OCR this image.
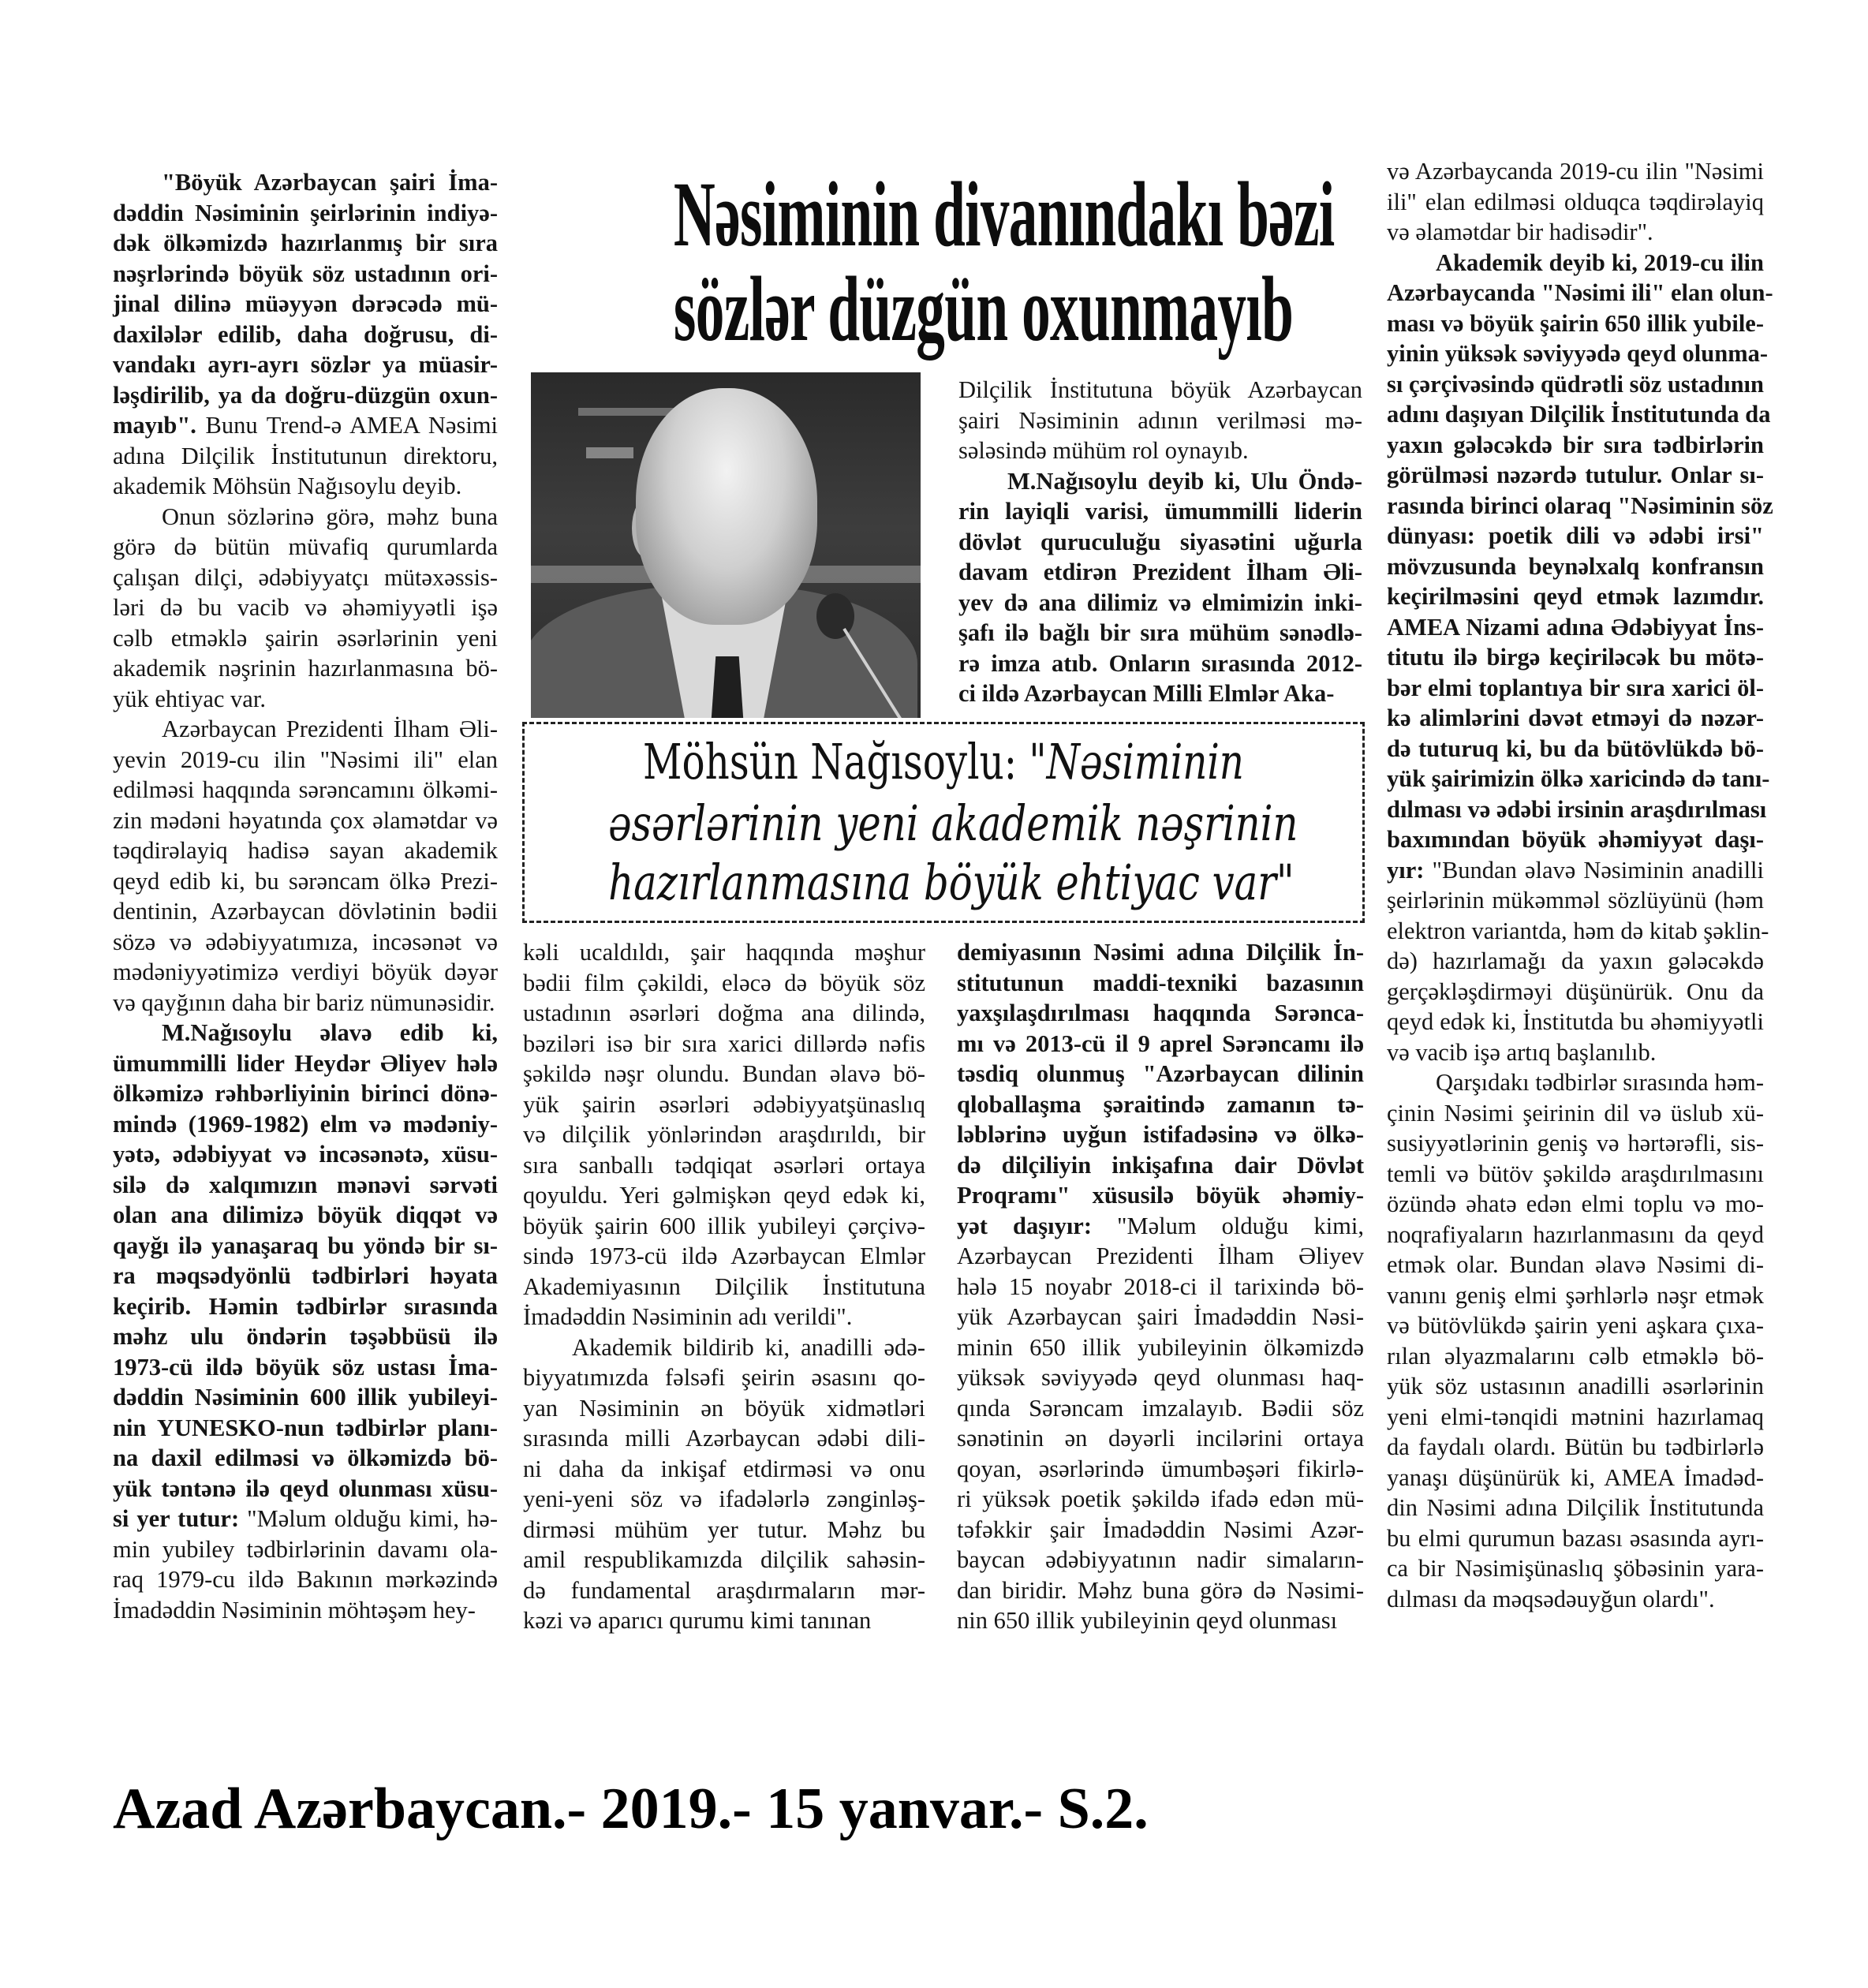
Nəsiminin divanındakı bəzi
sözlər düzgün oxunmayıb
Möhsün Nağısoylu: "Nəsiminin
əsərlərinin yeni akademik nəşrinin
hazırlanmasına böyük ehtiyac var"

"Böyük Azərbaycan şairi İma-
dəddin Nəsiminin şeirlərinin indiyə-
dək ölkəmizdə hazırlanmış bir sıra
nəşrlərində böyük söz ustadının ori-
jinal dilinə müəyyən dərəcədə mü-
daxilələr edilib, daha doğrusu, di-
vandakı ayrı-ayrı sözlər ya müasir-
ləşdirilib, ya da doğru-düzgün oxun-
mayıb". Bunu Trend-ə AMEA Nəsimi
adına Dilçilik İnstitutunun direktoru,
akademik Möhsün Nağısoylu deyib.

Onun sözlərinə görə, məhz buna
görə də bütün müvafiq qurumlarda
çalışan dilçi, ədəbiyyatçı mütəxəssis-
ləri də bu vacib və əhəmiyyətli işə
cəlb etməklə şairin əsərlərinin yeni
akademik nəşrinin hazırlanmasına bö-
yük ehtiyac var.

Azərbaycan Prezidenti İlham Əli-
yevin 2019-cu ilin "Nəsimi ili" elan
edilməsi haqqında sərəncamını ölkəmi-
zin mədəni həyatında çox əlamətdar və
təqdirəlayiq hadisə sayan akademik
qeyd edib ki, bu sərəncam ölkə Prezi-
dentinin, Azərbaycan dövlətinin bədii
sözə və ədəbiyyatımıza, incəsənət və
mədəniyyətimizə verdiyi böyük dəyər
və qayğının daha bir bariz nümunəsidir.

M.Nağısoylu əlavə edib ki,
ümummilli lider Heydər Əliyev hələ
ölkəmizə rəhbərliyinin birinci dönə-
mində (1969-1982) elm və mədəniy-
yətə, ədəbiyyat və incəsənətə, xüsu-
silə də xalqımızın mənəvi sərvəti
olan ana dilimizə böyük diqqət və
qayğı ilə yanaşaraq bu yöndə bir sı-
ra məqsədyönlü tədbirləri həyata
keçirib. Həmin tədbirlər sırasında
məhz ulu öndərin təşəbbüsü ilə
1973-cü ildə böyük söz ustası İma-
dəddin Nəsiminin 600 illik yubileyi-
nin YUNESKO-nun tədbirlər planı-
na daxil edilməsi və ölkəmizdə bö-
yük təntənə ilə qeyd olunması xüsu-
si yer tutur: "Məlum olduğu kimi, hə-
min yubiley tədbirlərinin davamı ola-
raq 1979-cu ildə Bakının mərkəzində
İmadəddin Nəsiminin möhtəşəm hey-

Dilçilik İnstitutuna böyük Azərbaycan
şairi Nəsiminin adının verilməsi mə-
sələsində mühüm rol oynayıb.

M.Nağısoylu deyib ki, Ulu Öndə-
rin layiqli varisi, ümummilli liderin
dövlət quruculuğu siyasətini uğurla
davam etdirən Prezident İlham Əli-
yev də ana dilimiz və elmimizin inki-
şafı ilə bağlı bir sıra mühüm sənədlə-
rə imza atıb. Onların sırasında 2012-
ci ildə Azərbaycan Milli Elmlər Aka-

kəli ucaldıldı, şair haqqında məşhur
bədii film çəkildi, eləcə də böyük söz
ustadının əsərləri doğma ana dilində,
bəziləri isə bir sıra xarici dillərdə nəfis
şəkildə nəşr olundu. Bundan əlavə bö-
yük şairin əsərləri ədəbiyyatşünaslıq
və dilçilik yönlərindən araşdırıldı, bir
sıra sanballı tədqiqat əsərləri ortaya
qoyuldu. Yeri gəlmişkən qeyd edək ki,
böyük şairin 600 illik yubileyi çərçivə-
sində 1973-cü ildə Azərbaycan Elmlər
Akademiyasının Dilçilik İnstitutuna
İmadəddin Nəsiminin adı verildi".

Akademik bildirib ki, anadilli ədə-
biyyatımızda fəlsəfi şeirin əsasını qo-
yan Nəsiminin ən böyük xidmətləri
sırasında milli Azərbaycan ədəbi dili-
ni daha da inkişaf etdirməsi və onu
yeni-yeni söz və ifadələrlə zənginləş-
dirməsi mühüm yer tutur. Məhz bu
amil respublikamızda dilçilik sahəsin-
də fundamental araşdırmaların mər-
kəzi və aparıcı qurumu kimi tanınan

demiyasının Nəsimi adına Dilçilik İn-
stitutunun maddi-texniki bazasının
yaxşılaşdırılması haqqında Sərənca-
mı və 2013-cü il 9 aprel Sərəncamı ilə
təsdiq olunmuş "Azərbaycan dilinin
qloballaşma şəraitində zamanın tə-
ləblərinə uyğun istifadəsinə və ölkə-
də dilçiliyin inkişafına dair Dövlət
Proqramı" xüsusilə böyük əhəmiy-
yət daşıyır: "Məlum olduğu kimi,
Azərbaycan Prezidenti İlham Əliyev
hələ 15 noyabr 2018-ci il tarixində bö-
yük Azərbaycan şairi İmadəddin Nəsi-
minin 650 illik yubileyinin ölkəmizdə
yüksək səviyyədə qeyd olunması haq-
qında Sərəncam imzalayıb. Bədii söz
sənətinin ən dəyərli incilərini ortaya
qoyan, əsərlərində ümumbəşəri fikirlə-
ri yüksək poetik şəkildə ifadə edən mü-
təfəkkir şair İmadəddin Nəsimi Azər-
baycan ədəbiyyatının nadir simaların-
dan biridir. Məhz buna görə də Nəsimi-
nin 650 illik yubileyinin qeyd olunması

və Azərbaycanda 2019-cu ilin "Nəsimi
ili" elan edilməsi olduqca təqdirəlayiq
və əlamətdar bir hadisədir".

Akademik deyib ki, 2019-cu ilin
Azərbaycanda "Nəsimi ili" elan olun-
ması və böyük şairin 650 illik yubile-
yinin yüksək səviyyədə qeyd olunma-
sı çərçivəsində qüdrətli söz ustadının
adını daşıyan Dilçilik İnstitutunda da
yaxın gələcəkdə bir sıra tədbirlərin
görülməsi nəzərdə tutulur. Onlar sı-
rasında birinci olaraq "Nəsiminin söz
dünyası: poetik dili və ədəbi irsi"
mövzusunda beynəlxalq konfransın
keçirilməsini qeyd etmək lazımdır.
AMEA Nizami adına Ədəbiyyat İns-
titutu ilə birgə keçiriləcək bu mötə-
bər elmi toplantıya bir sıra xarici öl-
kə alimlərini dəvət etməyi də nəzər-
də tuturuq ki, bu da bütövlükdə bö-
yük şairimizin ölkə xaricində də tanı-
dılması və ədəbi irsinin araşdırılması
baxımından böyük əhəmiyyət daşı-
yır: "Bundan əlavə Nəsiminin anadilli
şeirlərinin mükəmməl sözlüyünü (həm
elektron variantda, həm də kitab şəklin-
də) hazırlamağı da yaxın gələcəkdə
gerçəkləşdirməyi düşünürük. Onu da
qeyd edək ki, İnstitutda bu əhəmiyyətli
və vacib işə artıq başlanılıb.

Qarşıdakı tədbirlər sırasında həm-
çinin Nəsimi şeirinin dil və üslub xü-
susiyyətlərinin geniş və hərtərəfli, sis-
temli və bütöv şəkildə araşdırılmasını
özündə əhatə edən elmi toplu və mo-
noqrafiyaların hazırlanmasını da qeyd
etmək olar. Bundan əlavə Nəsimi di-
vanını geniş elmi şərhlərlə nəşr etmək
və bütövlükdə şairin yeni aşkara çıxa-
rılan əlyazmalarını cəlb etməklə bö-
yük söz ustasının anadilli əsərlərinin
yeni elmi-tənqidi mətnini hazırlamaq
da faydalı olardı. Bütün bu tədbirlərlə
yanaşı düşünürük ki, AMEA İmadəd-
din Nəsimi adına Dilçilik İnstitutunda
bu elmi qurumun bazası əsasında ayrı-
ca bir Nəsimişünaslıq şöbəsinin yara-
dılması da məqsədəuyğun olardı".

Azad Azərbaycan.- 2019.- 15 yanvar.- S.2.
